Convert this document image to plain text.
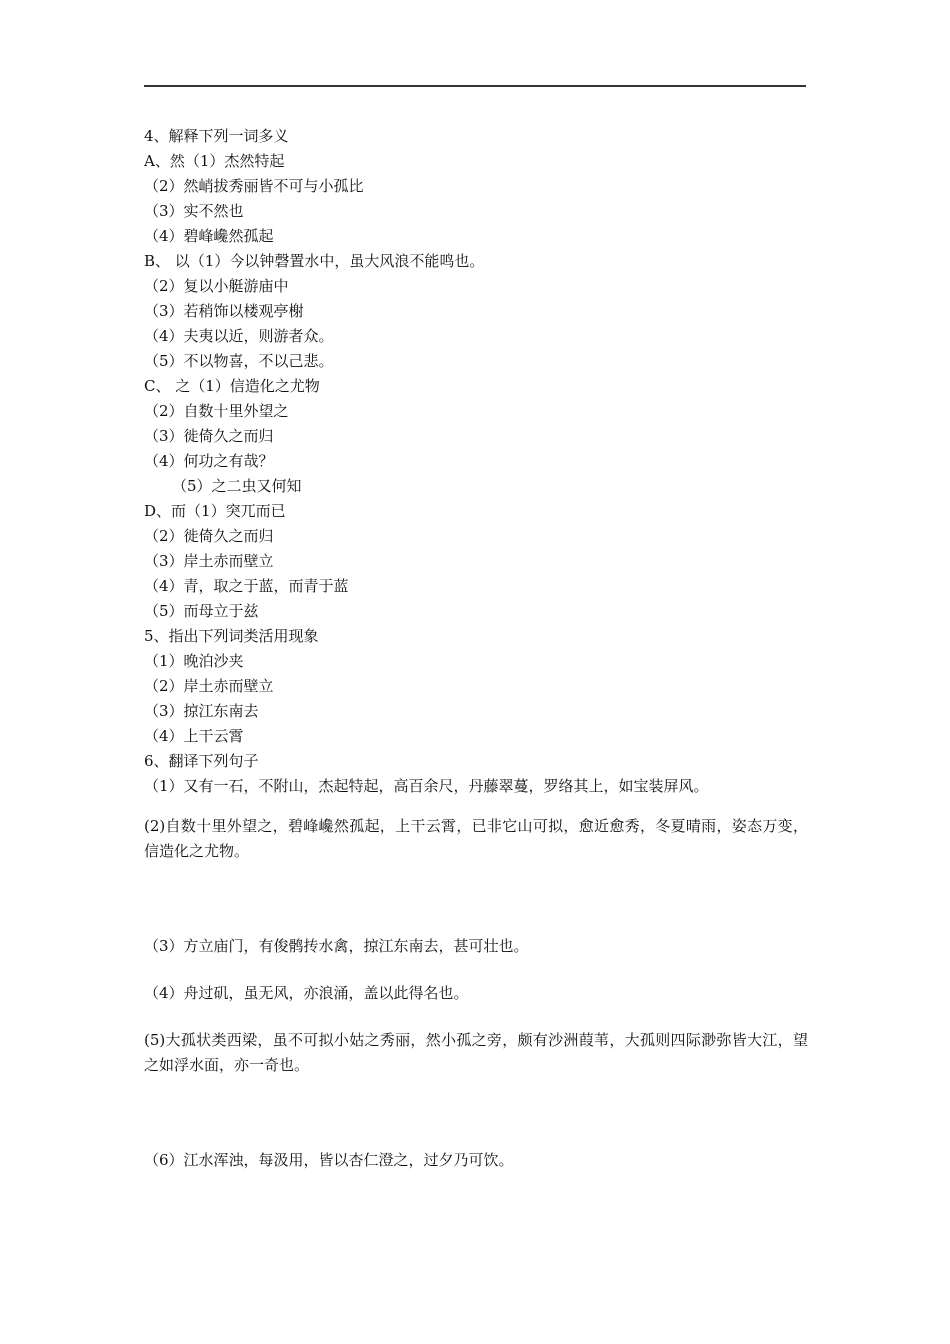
4、解释下列一词多义
A、然（1）杰然特起
（2）然峭拔秀丽皆不可与小孤比
（3）实不然也
（4）碧峰巉然孤起
B、 以（1）今以钟磬置水中，虽大风浪不能鸣也。
（2）复以小艇游庙中
（3）若稍饰以楼观亭榭
（4）夫夷以近，则游者众。
（5）不以物喜，不以己悲。
C、 之（1）信造化之尤物
（2）自数十里外望之
（3）徙倚久之而归
（4）何功之有哉？
（5）之二虫又何知
D、而（1）突兀而已
（2）徙倚久之而归
（3）岸土赤而壁立
（4）青，取之于蓝，而青于蓝
（5）而母立于兹
5、指出下列词类活用现象
（1）晚泊沙夹
（2）岸土赤而壁立
（3）掠江东南去
（4）上干云霄
6、翻译下列句子
（1）又有一石，不附山，杰起特起，高百余尺，丹藤翠蔓，罗络其上，如宝装屏风。
(2)自数十里外望之，碧峰巉然孤起，上干云霄，已非它山可拟，愈近愈秀，冬夏晴雨，姿态万变，信造化之尤物。
（3）方立庙门，有俊鹘抟水禽，掠江东南去，甚可壮也。
（4）舟过矶，虽无风，亦浪涌，盖以此得名也。
(5)大孤状类西梁，虽不可拟小姑之秀丽，然小孤之旁，颇有沙洲葭苇，大孤则四际渺弥皆大江，望之如浮水面，亦一奇也。
（6）江水浑浊，每汲用，皆以杏仁澄之，过夕乃可饮。
